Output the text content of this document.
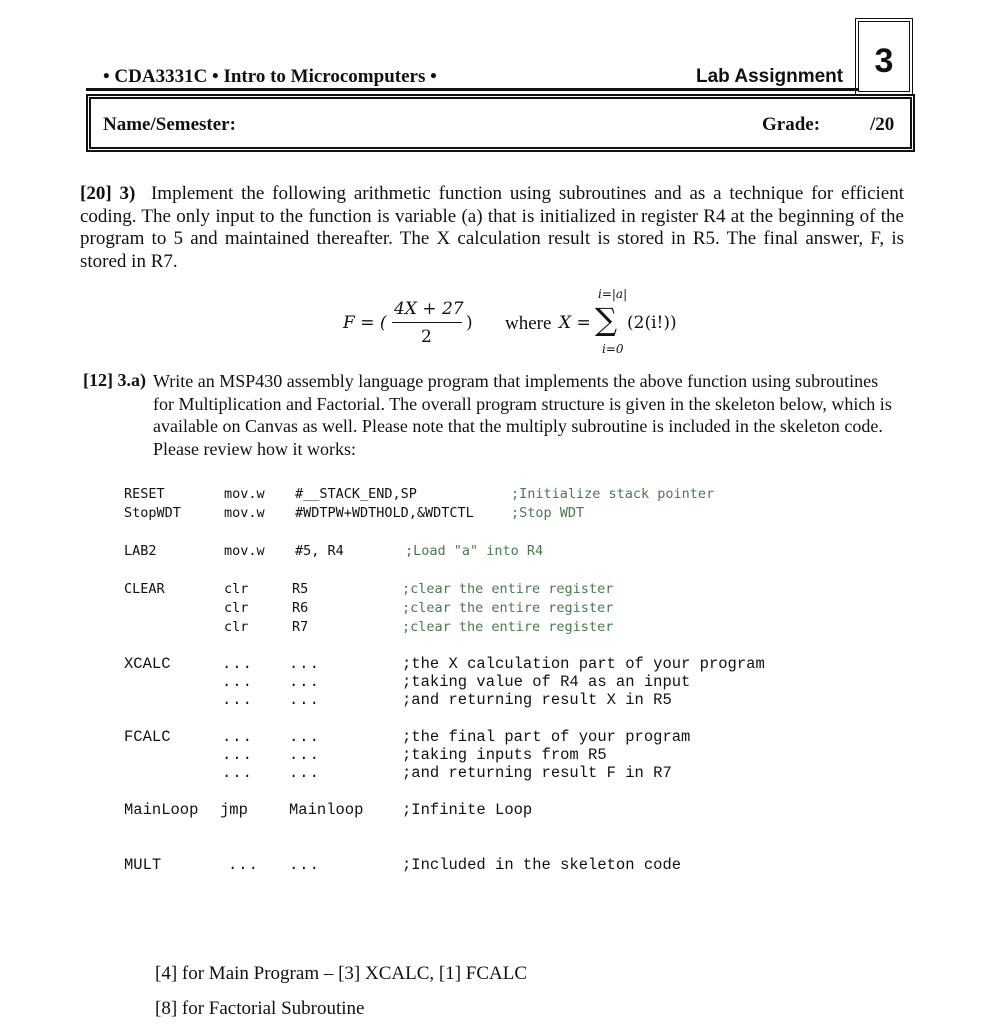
• CDA3331C • Intro to Microcomputers •	Lab Assignment 3
Name/Semester:	Grade:	/20
[20] 3) Implement the following arithmetic function using subroutines and as a technique for efficient coding. The only input to the function is variable (a) that is initialized in register R4 at the beginning of the program to 5 and maintained thereafter. The X calculation result is stored in R5. The final answer, F, is stored in R7.
F = (
4X + 27
2
) where X =
i=|a|
∑
i=0
(2(i!))
[12] 3.a) Write an MSP430 assembly language program that implements the above function using subroutines for Multiplication and Factorial. The overall program structure is given in the skeleton below, which is available on Canvas as well. Please note that the multiply subroutine is included in the skeleton code. Please review how it works:
RESET	mov.w #__STACK_END,SP	;Initialize stack pointer
StopWDT	mov.w #WDTPW+WDTHOLD,&WDTCTL	;Stop WDT
LAB2	mov.w #5, R4	;Load "a" into R4
CLEAR	clr	R5	;clear the entire register
clr	R6	;clear the entire register
clr	R7	;clear the entire register
XCALC	... ...	;the X calculation part of your program
... ...	;taking value of R4 as an input
... ...	;and returning result X in R5
FCALC	... ...	;the final part of your program
... ...	;taking inputs from R5
... ...	;and returning result F in R7
MainLoop jmp	Mainloop ;Infinite Loop
MULT	... ...	;Included in the skeleton code
[4] for Main Program – [3] XCALC, [1] FCALC
[8] for Factorial Subroutine
